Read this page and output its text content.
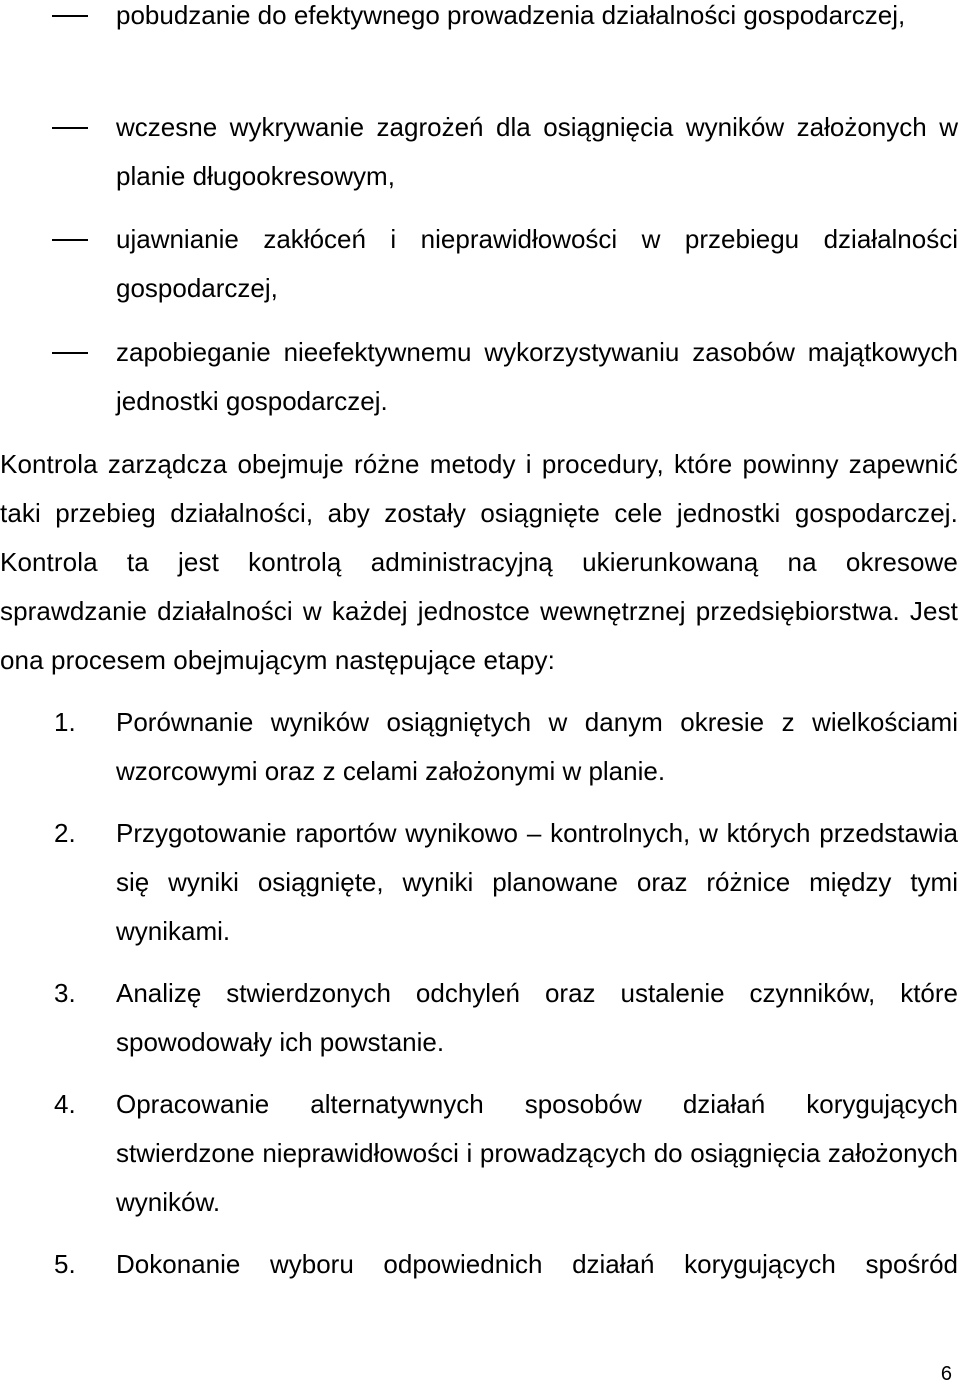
pobudzanie do efektywnego prowadzenia działalności gospodarczej,
wczesne wykrywanie zagrożeń dla osiągnięcia wyników założonych w planie długookresowym,
ujawnianie zakłóceń i nieprawidłowości w przebiegu działalności gospodarczej,
zapobieganie nieefektywnemu wykorzystywaniu zasobów majątkowych jednostki gospodarczej.
Kontrola zarządcza obejmuje różne metody i procedury, które powinny zapewnić taki przebieg działalności, aby zostały osiągnięte cele jednostki gospodarczej. Kontrola ta jest kontrolą administracyjną ukierunkowaną na okresowe sprawdzanie działalności w każdej jednostce wewnętrznej przedsiębiorstwa. Jest ona procesem obejmującym następujące etapy:
1. Porównanie wyników osiągniętych w danym okresie z wielkościami wzorcowymi oraz z celami założonymi w planie.
2. Przygotowanie raportów wynikowo – kontrolnych, w których przedstawia się wyniki osiągnięte, wyniki planowane oraz różnice między tymi wynikami.
3. Analizę stwierdzonych odchyleń oraz ustalenie czynników, które spowodowały ich powstanie.
4. Opracowanie alternatywnych sposobów działań korygujących stwierdzone nieprawidłowości i prowadzących do osiągnięcia założonych wyników.
5. Dokonanie wyboru odpowiednich działań korygujących spośród
6
